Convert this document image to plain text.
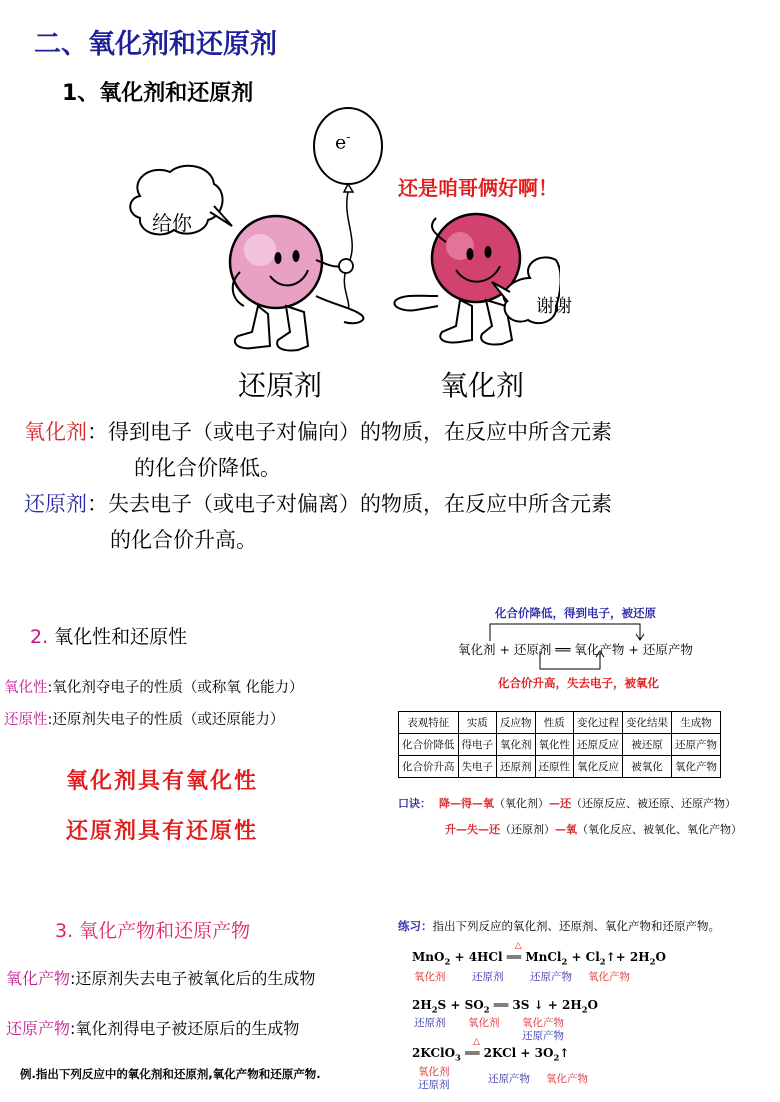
二、氧化剂和还原剂
1、氧化剂和还原剂
e-
给你
谢谢
还是咱哥俩好啊！
还原剂	氧化剂
氧化剂：得到电子（或电子对偏向）的物质，在反应中所含元素
的化合价降低。
还原剂：失去电子（或电子对偏离）的物质，在反应中所含元素
的化合价升高。
2. 氧化性和还原性
氧化性:氧化剂夺电子的性质（或称氧 化能力）
还原性:还原剂失电子的性质（或还原能力）
氧化剂具有氧化性
还原剂具有还原性
化合价降低，得到电子，被还原
氧化剂 + 还原剂 ══ 氧化产物 + 还原产物
化合价升高，失去电子，被氧化
表观特征	实质	反应物	性质	变化过程	变化结果	生成物
化合价降低	得电子	氧化剂	氧化性	还原反应	被还原	还原产物
化合价升高	失电子	还原剂	还原性	氧化反应	被氧化	氧化产物
口诀： 降—得—氧（氧化剂）—还（还原反应、被还原、还原产物）
升—失—还（还原剂）—氧（氧化反应、被氧化、氧化产物）
3. 氧化产物和还原产物
氧化产物:还原剂失去电子被氧化后的生成物
还原产物:氧化剂得电子被还原后的生成物
练习：指出下列反应的氧化剂、还原剂、氧化产物和还原产物。
MnO$_2$ + 4HCl
△
══ MnCl$_2$ + $Cl_2↑+ 2H_2O$
氧化剂	还原剂	还原产物 氧化产物
$2H_2S + SO_2$ ══ 3S ↓ + $2H_2O$
还原剂 氧化剂 氧化产物
还原产物
2KClO$_3$
△
══ $2KCl + 3O_2↑$
氧化剂
还原剂	还原产物 氧化产物
例.指出下列反应中的氧化剂和还原剂,氧化产物和还原产物.
